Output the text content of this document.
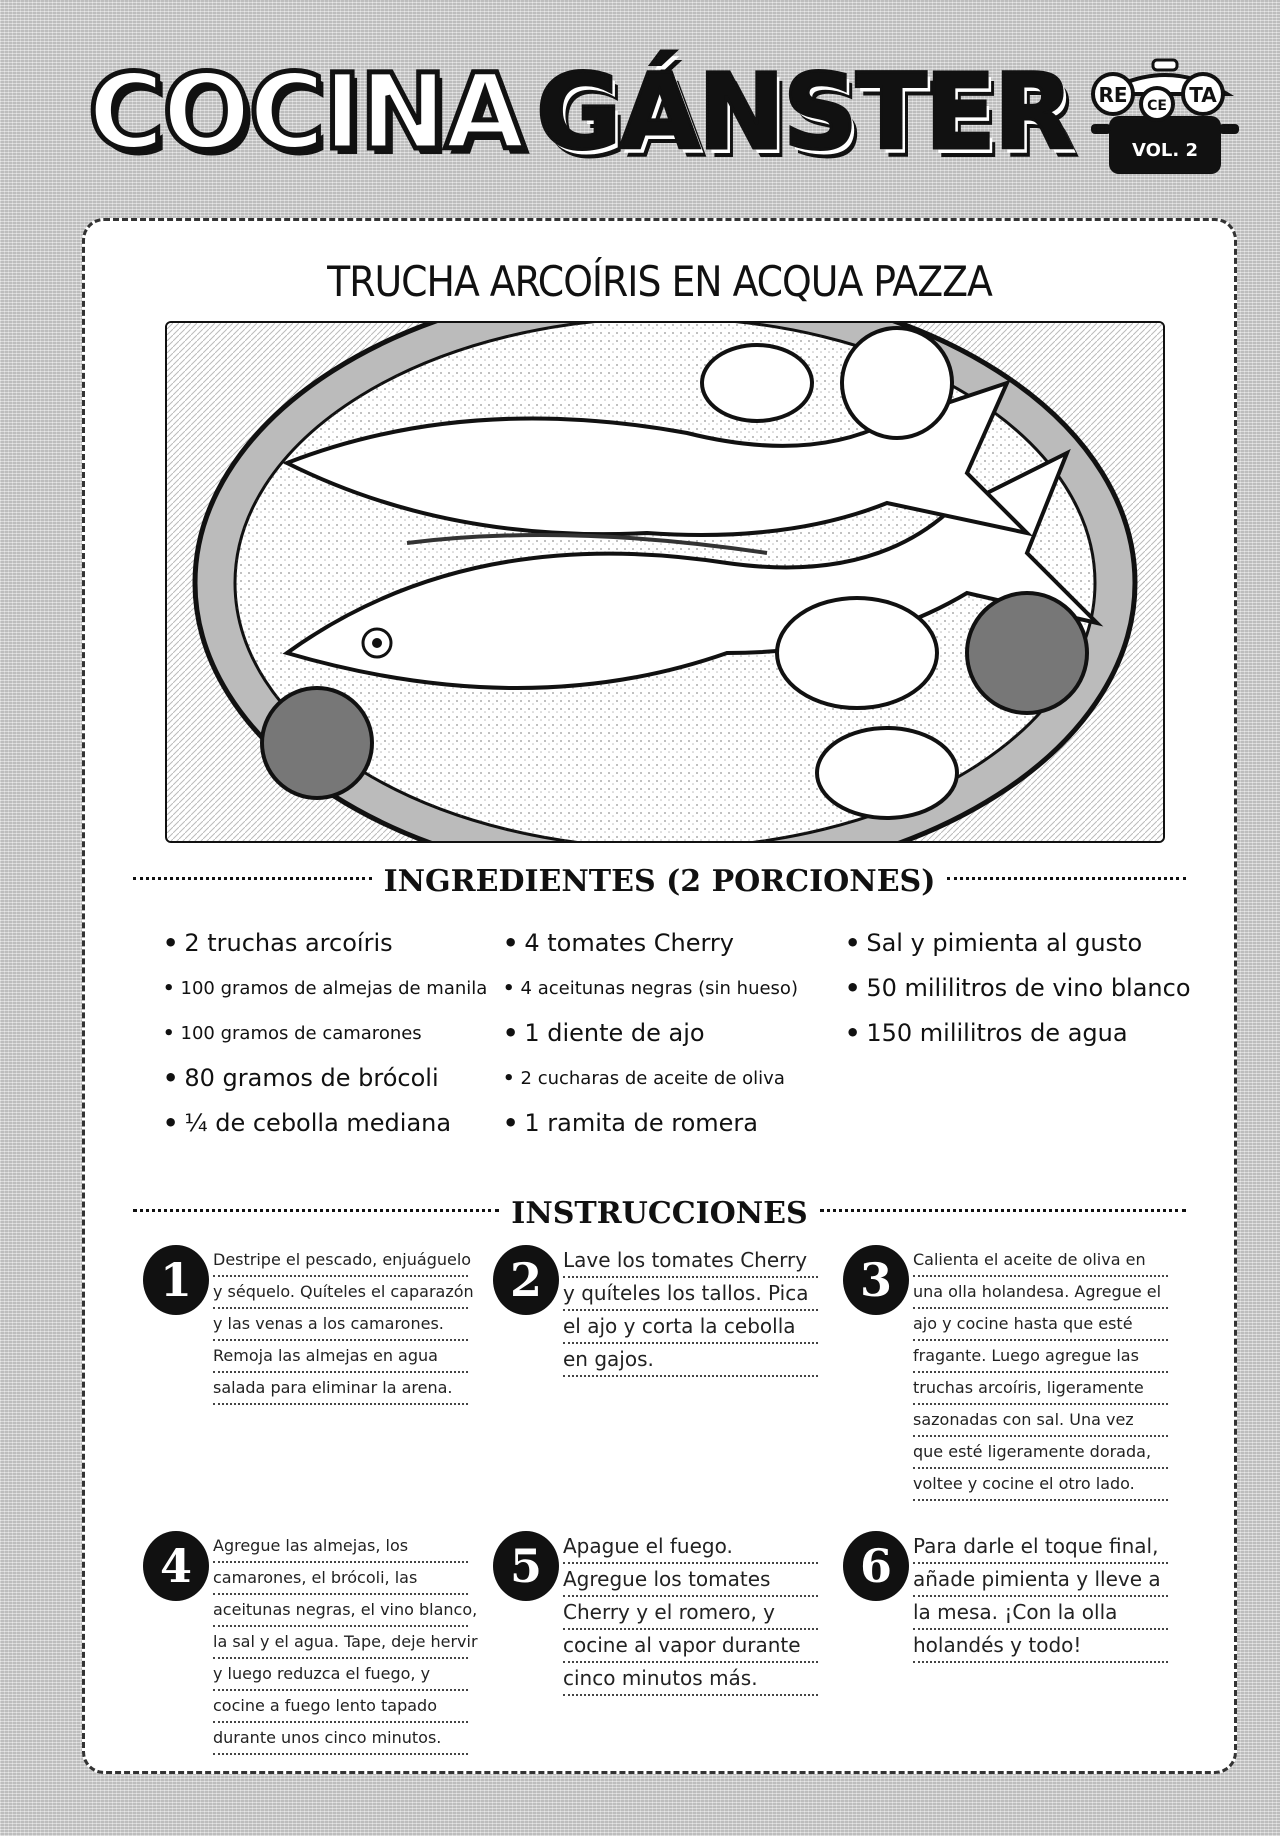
COCINA GÁNSTER RE CE TA
VOL. 2
TRUCHA ARCOÍRIS EN ACQUA PAZZA
INGREDIENTES (2 PORCIONES)
• 2 truchas arcoíris
• 100 gramos de almejas de manila
• 100 gramos de camarones
• 80 gramos de brócoli
• ¼ de cebolla mediana
• 4 tomates Cherry
• 4 aceitunas negras (sin hueso)
• 1 diente de ajo
• 2 cucharas de aceite de oliva
• 1 ramita de romera
• Sal y pimienta al gusto
• 50 mililitros de vino blanco
• 150 mililitros de agua
INSTRUCCIONES
1	Destripe el pescado, enjuáguelo
y séquelo. Quíteles el caparazón
y las venas a los camarones.
Remoja las almejas en agua
salada para eliminar la arena.
2	Lave los tomates Cherry
y quíteles los tallos. Pica
el ajo y corta la cebolla
en gajos.
3	Calienta el aceite de oliva en
una olla holandesa. Agregue el
ajo y cocine hasta que esté
fragante. Luego agregue las
truchas arcoíris, ligeramente
sazonadas con sal. Una vez
que esté ligeramente dorada,
voltee y cocine el otro lado.
4	Agregue las almejas, los
camarones, el brócoli, las
aceitunas negras, el vino blanco,
la sal y el agua. Tape, deje hervir
y luego reduzca el fuego, y
cocine a fuego lento tapado
durante unos cinco minutos.
5	Apague el fuego.
Agregue los tomates
Cherry y el romero, y
cocine al vapor durante
cinco minutos más.
6	Para darle el toque final,
añade pimienta y lleve a
la mesa. ¡Con la olla
holandés y todo!
